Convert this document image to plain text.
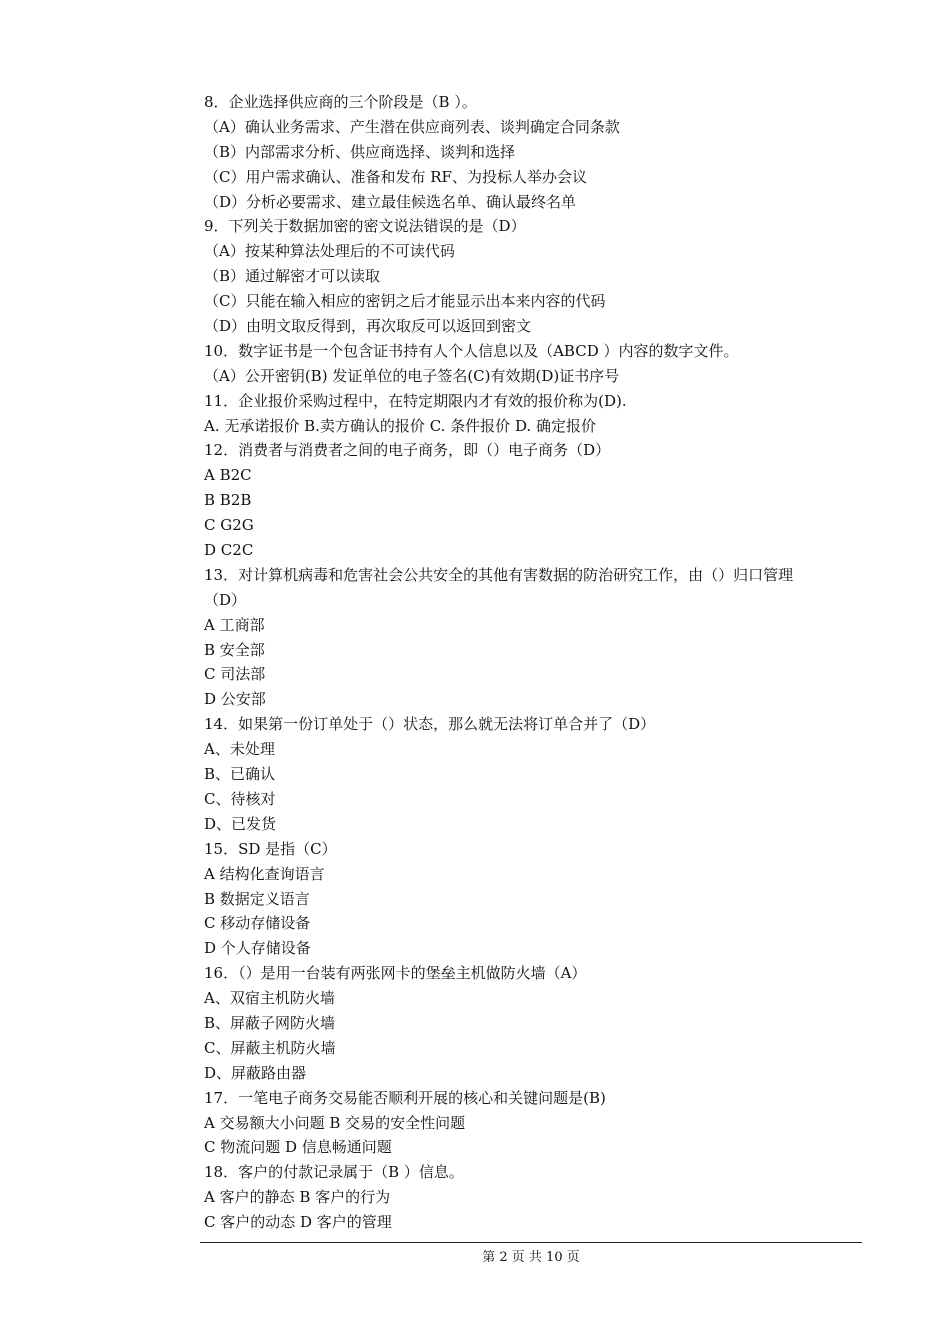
8．企业选择供应商的三个阶段是（B ）。
（A）确认业务需求、产生潜在供应商列表、谈判确定合同条款
（B）内部需求分析、供应商选择、谈判和选择
（C）用户需求确认、准备和发布 RF、为投标人举办会议
（D）分析必要需求、建立最佳候选名单、确认最终名单
9．下列关于数据加密的密文说法错误的是（D）
（A）按某种算法处理后的不可读代码
（B）通过解密才可以读取
（C）只能在输入相应的密钥之后才能显示出本来内容的代码
（D）由明文取反得到，再次取反可以返回到密文
10．数字证书是一个包含证书持有人个人信息以及（ABCD ）内容的数字文件。
（A）公开密钥(B) 发证单位的电子签名(C)有效期(D)证书序号
11．企业报价采购过程中，在特定期限内才有效的报价称为(D).
A. 无承诺报价 B.卖方确认的报价 C. 条件报价 D. 确定报价
12．消费者与消费者之间的电子商务，即（）电子商务（D）
A B2C
B B2B
C G2G
D C2C
13．对计算机病毒和危害社会公共安全的其他有害数据的防治研究工作，由（）归口管理
（D）
A 工商部
B 安全部
C 司法部
D 公安部
14．如果第一份订单处于（）状态，那么就无法将订单合并了（D）
A、未处理
B、已确认
C、待核对
D、已发货
15．SD 是指（C）
A 结构化查询语言
B 数据定义语言
C 移动存储设备
D 个人存储设备
16．（）是用一台装有两张网卡的堡垒主机做防火墙（A）
A、双宿主机防火墙
B、屏蔽子网防火墙
C、屏蔽主机防火墙
D、屏蔽路由器
17．一笔电子商务交易能否顺利开展的核心和关键问题是(B)
A 交易额大小问题 B 交易的安全性问题
C 物流问题 D 信息畅通问题
18．客户的付款记录属于（B ）信息。
A 客户的静态 B 客户的行为
C 客户的动态 D 客户的管理
第 2 页 共 10 页
